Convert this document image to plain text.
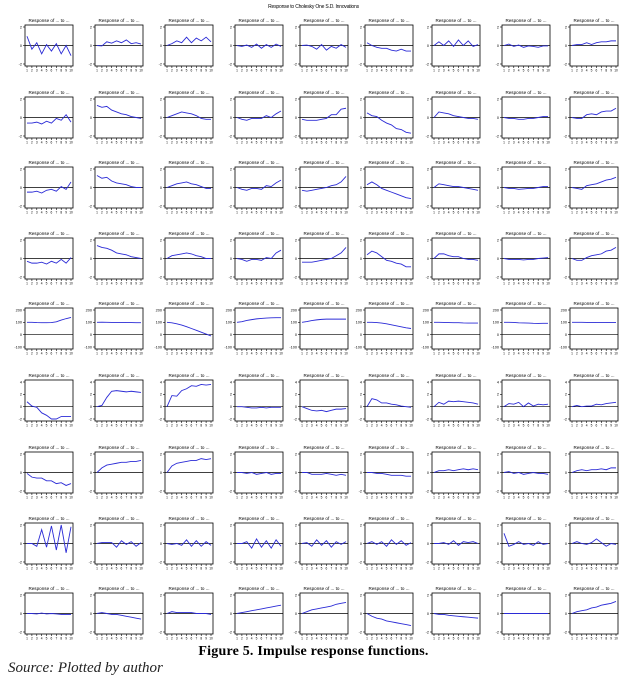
Response to Cholesky One S.D. Innovations
Response of ... to ...
2
0
-2
1 2 3 4 5 6 7 8 9 10
Response of ... to ...
2
0
-2
1 2 3 4 5 6 7 8 9 10
Response of ... to ...
2
0
-2
1 2 3 4 5 6 7 8 9 10
Response of ... to ...
2
0
-2
1 2 3 4 5 6 7 8 9 10
Response of ... to ...
2
0
-2
1 2 3 4 5 6 7 8 9 10
Response of ... to ...
2
0
-2
1 2 3 4 5 6 7 8 9 10
Response of ... to ...
2
0
-2
1 2 3 4 5 6 7 8 9 10
Response of ... to ...
2
0
-2
1 2 3 4 5 6 7 8 9 10
Response of ... to ...
2
0
-2
1 2 3 4 5 6 7 8 9 10
Response of ... to ...
2
0
-2
1 2 3 4 5 6 7 8 9 10
Response of ... to ...
2
0
-2
1 2 3 4 5 6 7 8 9 10
Response of ... to ...
2
0
-2
1 2 3 4 5 6 7 8 9 10
Response of ... to ...
2
0
-2
1 2 3 4 5 6 7 8 9 10
Response of ... to ...
2
0
-2
1 2 3 4 5 6 7 8 9 10
Response of ... to ...
2
0
-2
1 2 3 4 5 6 7 8 9 10
Response of ... to ...
2
0
-2
1 2 3 4 5 6 7 8 9 10
Response of ... to ...
2
0
-2
1 2 3 4 5 6 7 8 9 10
Response of ... to ...
2
0
-2
1 2 3 4 5 6 7 8 9 10
Response of ... to ...
2
0
-2
1 2 3 4 5 6 7 8 9 10
Response of ... to ...
2
0
-2
1 2 3 4 5 6 7 8 9 10
Response of ... to ...
2
0
-2
1 2 3 4 5 6 7 8 9 10
Response of ... to ...
2
0
-2
1 2 3 4 5 6 7 8 9 10
Response of ... to ...
2
0
-2
1 2 3 4 5 6 7 8 9 10
Response of ... to ...
2
0
-2
1 2 3 4 5 6 7 8 9 10
Response of ... to ...
2
0
-2
1 2 3 4 5 6 7 8 9 10
Response of ... to ...
2
0
-2
1 2 3 4 5 6 7 8 9 10
Response of ... to ...
2
0
-2
1 2 3 4 5 6 7 8 9 10
Response of ... to ...
2
0
-2
1 2 3 4 5 6 7 8 9 10
Response of ... to ...
2
0
-2
1 2 3 4 5 6 7 8 9 10
Response of ... to ...
2
0
-2
1 2 3 4 5 6 7 8 9 10
Response of ... to ...
2
0
-2
1 2 3 4 5 6 7 8 9 10
Response of ... to ...
2
0
-2
1 2 3 4 5 6 7 8 9 10
Response of ... to ...
2
0
-2
1 2 3 4 5 6 7 8 9 10
Response of ... to ...
2
0
-2
1 2 3 4 5 6 7 8 9 10
Response of ... to ...
2
0
-2
1 2 3 4 5 6 7 8 9 10
Response of ... to ...
2
0
-2
1 2 3 4 5 6 7 8 9 10
Response of ... to ...
200
100
0
-100
1 2 3 4 5 6 7 8 9 10
Response of ... to ...
200
100
0
-100
1 2 3 4 5 6 7 8 9 10
Response of ... to ...
200
100
0
-100
1 2 3 4 5 6 7 8 9 10
Response of ... to ...
200
100
0
-100
1 2 3 4 5 6 7 8 9 10
Response of ... to ...
200
100
0
-100
1 2 3 4 5 6 7 8 9 10
Response of ... to ...
200
100
0
-100
1 2 3 4 5 6 7 8 9 10
Response of ... to ...
200
100
0
-100
1 2 3 4 5 6 7 8 9 10
Response of ... to ...
200
100
0
-100
1 2 3 4 5 6 7 8 9 10
Response of ... to ...
200
100
0
-100
1 2 3 4 5 6 7 8 9 10
Response of ... to ...
4
2
0
-2
1 2 3 4 5 6 7 8 9 10
Response of ... to ...
4
2
0
-2
1 2 3 4 5 6 7 8 9 10
Response of ... to ...
4
2
0
-2
1 2 3 4 5 6 7 8 9 10
Response of ... to ...
4
2
0
-2
1 2 3 4 5 6 7 8 9 10
Response of ... to ...
4
2
0
-2
1 2 3 4 5 6 7 8 9 10
Response of ... to ...
4
2
0
-2
1 2 3 4 5 6 7 8 9 10
Response of ... to ...
4
2
0
-2
1 2 3 4 5 6 7 8 9 10
Response of ... to ...
4
2
0
-2
1 2 3 4 5 6 7 8 9 10
Response of ... to ...
4
2
0
-2
1 2 3 4 5 6 7 8 9 10
Response of ... to ...
2
0
-2
1 2 3 4 5 6 7 8 9 10
Response of ... to ...
2
0
-2
1 2 3 4 5 6 7 8 9 10
Response of ... to ...
2
0
-2
1 2 3 4 5 6 7 8 9 10
Response of ... to ...
2
0
-2
1 2 3 4 5 6 7 8 9 10
Response of ... to ...
2
0
-2
1 2 3 4 5 6 7 8 9 10
Response of ... to ...
2
0
-2
1 2 3 4 5 6 7 8 9 10
Response of ... to ...
2
0
-2
1 2 3 4 5 6 7 8 9 10
Response of ... to ...
2
0
-2
1 2 3 4 5 6 7 8 9 10
Response of ... to ...
2
0
-2
1 2 3 4 5 6 7 8 9 10
Response of ... to ...
2
0
-2
1 2 3 4 5 6 7 8 9 10
Response of ... to ...
2
0
-2
1 2 3 4 5 6 7 8 9 10
Response of ... to ...
2
0
-2
1 2 3 4 5 6 7 8 9 10
Response of ... to ...
2
0
-2
1 2 3 4 5 6 7 8 9 10
Response of ... to ...
2
0
-2
1 2 3 4 5 6 7 8 9 10
Response of ... to ...
2
0
-2
1 2 3 4 5 6 7 8 9 10
Response of ... to ...
2
0
-2
1 2 3 4 5 6 7 8 9 10
Response of ... to ...
2
0
-2
1 2 3 4 5 6 7 8 9 10
Response of ... to ...
2
0
-2
1 2 3 4 5 6 7 8 9 10
Response of ... to ...
2
0
-2
1 2 3 4 5 6 7 8 9 10
Response of ... to ...
2
0
-2
1 2 3 4 5 6 7 8 9 10
Response of ... to ...
2
0
-2
1 2 3 4 5 6 7 8 9 10
Response of ... to ...
2
0
-2
1 2 3 4 5 6 7 8 9 10
Response of ... to ...
2
0
-2
1 2 3 4 5 6 7 8 9 10
Response of ... to ...
2
0
-2
1 2 3 4 5 6 7 8 9 10
Response of ... to ...
2
0
-2
1 2 3 4 5 6 7 8 9 10
Response of ... to ...
2
0
-2
1 2 3 4 5 6 7 8 9 10
Response of ... to ...
2
0
-2
1 2 3 4 5 6 7 8 9 10
Figure 5. Impulse response functions.
Source: Plotted by author
